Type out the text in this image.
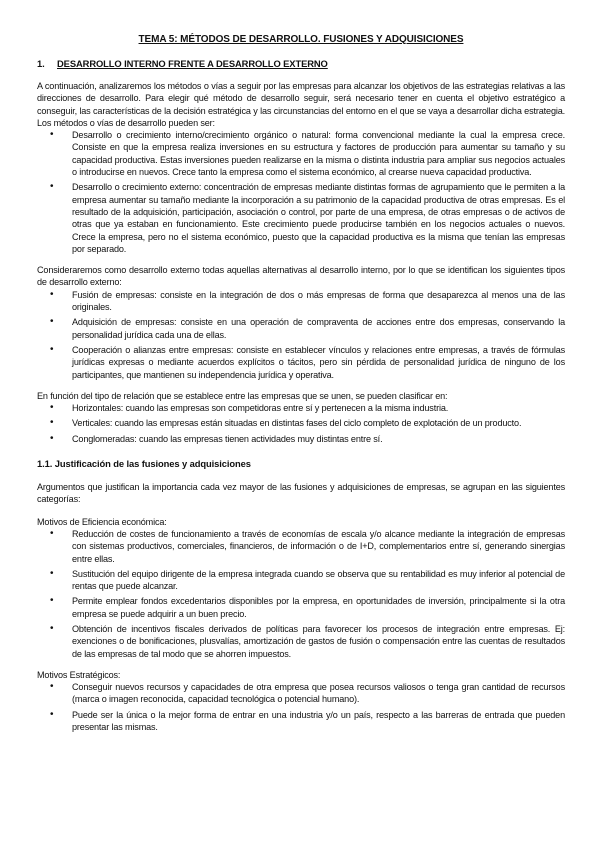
TEMA 5: MÉTODOS DE DESARROLLO. FUSIONES Y ADQUISICIONES
1. DESARROLLO INTERNO FRENTE A DESARROLLO EXTERNO

A continuación, analizaremos los métodos o vías a seguir por las empresas para alcanzar los objetivos de las estrategias relativas a las direcciones de desarrollo. Para elegir qué método de desarrollo seguir, será necesario tener en cuenta el objetivo estratégico a conseguir, las características de la decisión estratégica y las circunstancias del entorno en el que se vaya a desarrollar dicha estrategia. Los métodos o vías de desarrollo pueden ser:

• Desarrollo o crecimiento interno/crecimiento orgánico o natural: forma convencional mediante la cual la empresa crece. Consiste en que la empresa realiza inversiones en su estructura y factores de producción para aumentar su tamaño y su capacidad productiva. Estas inversiones pueden realizarse en la misma o distinta industria para ampliar sus negocios actuales o introducirse en nuevos. Crece tanto la empresa como el sistema económico, al crearse nueva capacidad productiva.
• Desarrollo o crecimiento externo: concentración de empresas mediante distintas formas de agrupamiento que le permiten a la empresa aumentar su tamaño mediante la incorporación a su patrimonio de la capacidad productiva de otras empresas. Es el resultado de la adquisición, participación, asociación o control, por parte de una empresa, de otras empresas o de activos de otras que ya estaban en funcionamiento. Este crecimiento puede producirse también en los negocios actuales o nuevos. Crece la empresa, pero no el sistema económico, puesto que la capacidad productiva es la misma que tenían las empresas por separado.

Consideraremos como desarrollo externo todas aquellas alternativas al desarrollo interno, por lo que se identifican los siguientes tipos de desarrollo externo:

• Fusión de empresas: consiste en la integración de dos o más empresas de forma que desaparezca al menos una de las originales.
• Adquisición de empresas: consiste en una operación de compraventa de acciones entre dos empresas, conservando la personalidad jurídica cada una de ellas.
• Cooperación o alianzas entre empresas: consiste en establecer vínculos y relaciones entre empresas, a través de fórmulas jurídicas expresas o mediante acuerdos explícitos o tácitos, pero sin pérdida de personalidad jurídica de ninguno de los participantes, que mantienen su independencia jurídica y operativa.

En función del tipo de relación que se establece entre las empresas que se unen, se pueden clasificar en:

• Horizontales: cuando las empresas son competidoras entre sí y pertenecen a la misma industria.
• Verticales: cuando las empresas están situadas en distintas fases del ciclo completo de explotación de un producto.
• Conglomeradas: cuando las empresas tienen actividades muy distintas entre sí.
1.1. Justificación de las fusiones y adquisiciones

Argumentos que justifican la importancia cada vez mayor de las fusiones y adquisiciones de empresas, se agrupan en las siguientes categorías:

Motivos de Eficiencia económica:

• Reducción de costes de funcionamiento a través de economías de escala y/o alcance mediante la integración de empresas con sistemas productivos, comerciales, financieros, de información o de I+D, complementarios entre sí, generando sinergias entre ellas.
• Sustitución del equipo dirigente de la empresa integrada cuando se observa que su rentabilidad es muy inferior al potencial de rentas que puede alcanzar.
• Permite emplear fondos excedentarios disponibles por la empresa, en oportunidades de inversión, principalmente si la otra empresa se puede adquirir a un buen precio.
• Obtención de incentivos fiscales derivados de políticas para favorecer los procesos de integración entre empresas. Ej: exenciones o de bonificaciones, plusvalías, amortización de gastos de fusión o compensación entre las cuentas de resultados de las empresas de tal modo que se ahorren impuestos.

Motivos Estratégicos:

• Conseguir nuevos recursos y capacidades de otra empresa que posea recursos valiosos o tenga gran cantidad de recursos (marca o imagen reconocida, capacidad tecnológica o potencial humano).
• Puede ser la única o la mejor forma de entrar en una industria y/o un país, respecto a las barreras de entrada que pueden presentar las mismas.
